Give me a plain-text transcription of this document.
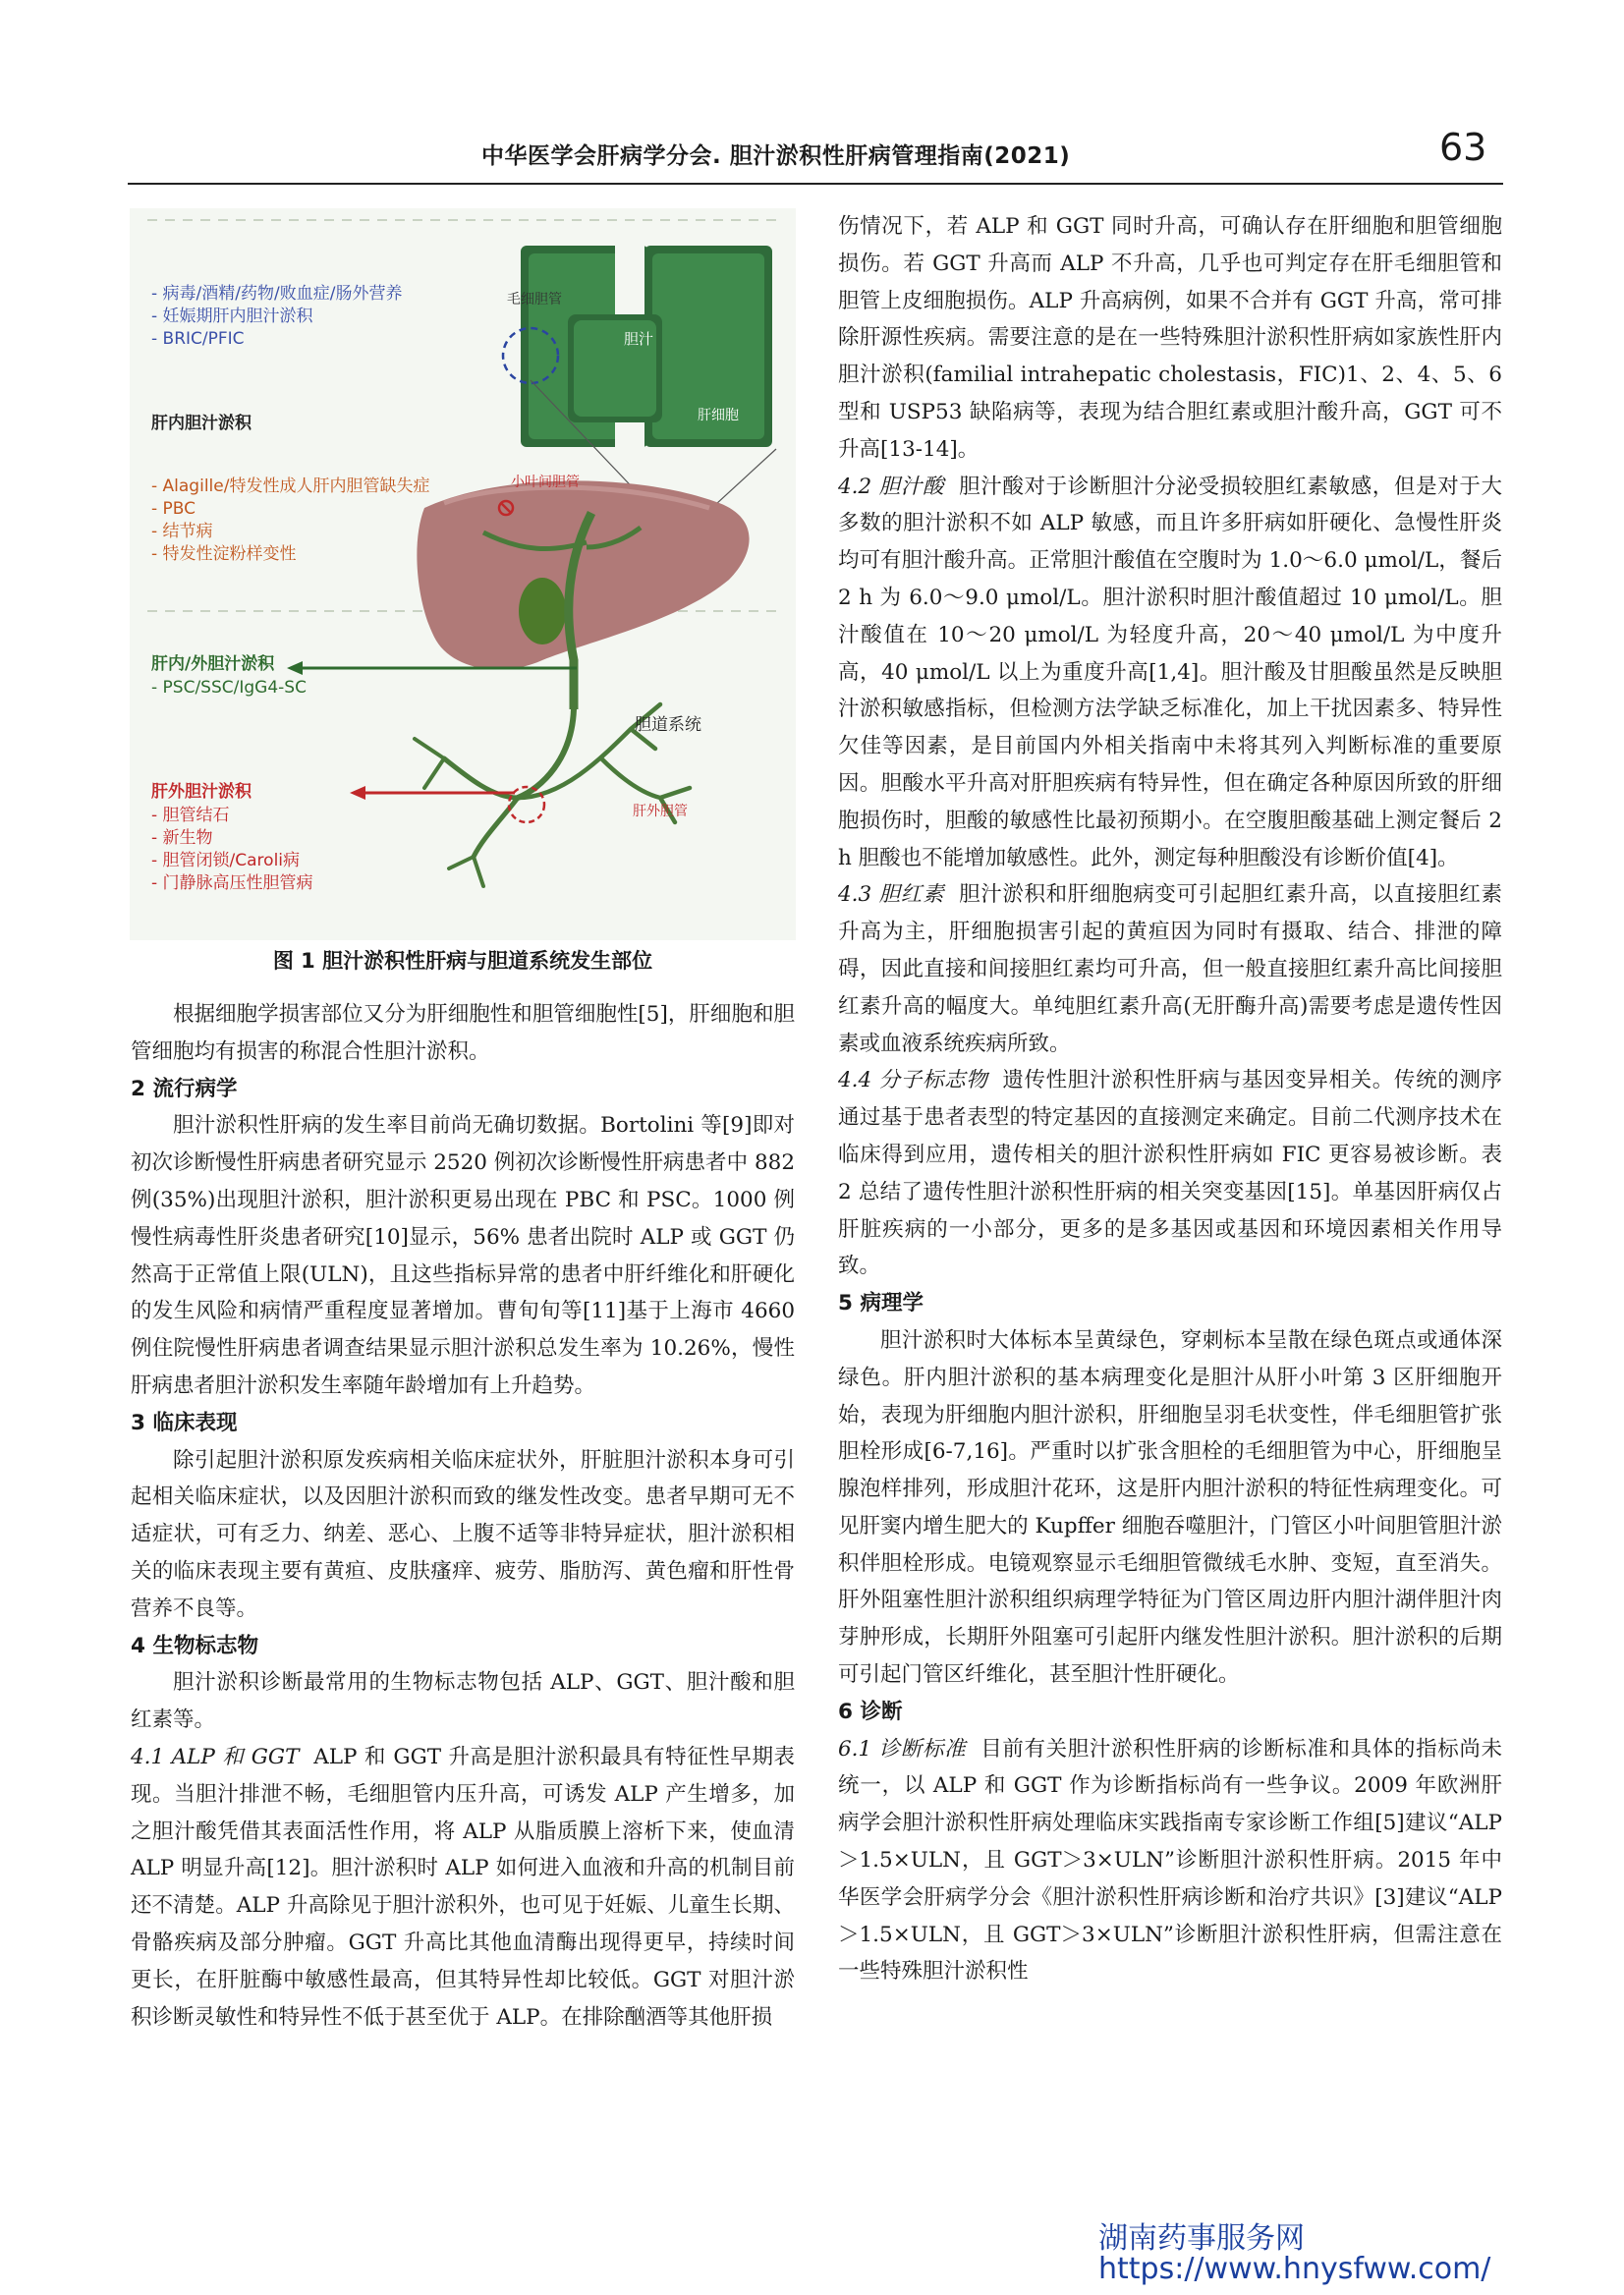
中华医学会肝病学分会. 胆汁淤积性肝病管理指南(2021)	63
- 病毒/酒精/药物/败血症/肠外营养
- 妊娠期肝内胆汁淤积
- BRIC/PFIC
肝内胆汁淤积
- Alagille/特发性成人肝内胆管缺失症
- PBC
- 结节病
- 特发性淀粉样变性
肝内/外胆汁淤积
- PSC/SSC/IgG4-SC
肝外胆汁淤积
- 胆管结石
- 新生物
- 胆管闭锁/Caroli病
- 门静脉高压性胆管病
毛细胆管
胆汁
肝细胞
小叶间胆管
胆道系统
肝外胆管
图 1 胆汁淤积性肝病与胆道系统发生部位

根据细胞学损害部位又分为肝细胞性和胆管细胞性[5]，肝细胞和胆管细胞均有损害的称混合性胆汁淤积。

2 流行病学

胆汁淤积性肝病的发生率目前尚无确切数据。Bortolini 等[9]即对初次诊断慢性肝病患者研究显示 2520 例初次诊断慢性肝病患者中 882 例(35%)出现胆汁淤积，胆汁淤积更易出现在 PBC 和 PSC。1000 例慢性病毒性肝炎患者研究[10]显示，56% 患者出院时 ALP 或 GGT 仍然高于正常值上限(ULN)，且这些指标异常的患者中肝纤维化和肝硬化的发生风险和病情严重程度显著增加。曹旬旬等[11]基于上海市 4660 例住院慢性肝病患者调查结果显示胆汁淤积总发生率为 10.26%，慢性肝病患者胆汁淤积发生率随年龄增加有上升趋势。

3 临床表现

除引起胆汁淤积原发疾病相关临床症状外，肝脏胆汁淤积本身可引起相关临床症状，以及因胆汁淤积而致的继发性改变。患者早期可无不适症状，可有乏力、纳差、恶心、上腹不适等非特异症状，胆汁淤积相关的临床表现主要有黄疸、皮肤瘙痒、疲劳、脂肪泻、黄色瘤和肝性骨营养不良等。

4 生物标志物

胆汁淤积诊断最常用的生物标志物包括 ALP、GGT、胆汁酸和胆红素等。

4.1 ALP 和 GGT ALP 和 GGT 升高是胆汁淤积最具有特征性早期表现。当胆汁排泄不畅，毛细胆管内压升高，可诱发 ALP 产生增多，加之胆汁酸凭借其表面活性作用，将 ALP 从脂质膜上溶析下来，使血清 ALP 明显升高[12]。胆汁淤积时 ALP 如何进入血液和升高的机制目前还不清楚。ALP 升高除见于胆汁淤积外，也可见于妊娠、儿童生长期、骨骼疾病及部分肿瘤。GGT 升高比其他血清酶出现得更早，持续时间更长，在肝脏酶中敏感性最高，但其特异性却比较低。GGT 对胆汁淤积诊断灵敏性和特异性不低于甚至优于 ALP。在排除酗酒等其他肝损

伤情况下，若 ALP 和 GGT 同时升高，可确认存在肝细胞和胆管细胞损伤。若 GGT 升高而 ALP 不升高，几乎也可判定存在肝毛细胆管和胆管上皮细胞损伤。ALP 升高病例，如果不合并有 GGT 升高，常可排除肝源性疾病。需要注意的是在一些特殊胆汁淤积性肝病如家族性肝内胆汁淤积(familial intrahepatic cholestasis，FIC)1、2、4、5、6 型和 USP53 缺陷病等，表现为结合胆红素或胆汁酸升高，GGT 可不升高[13-14]。

4.2 胆汁酸 胆汁酸对于诊断胆汁分泌受损较胆红素敏感，但是对于大多数的胆汁淤积不如 ALP 敏感，而且许多肝病如肝硬化、急慢性肝炎均可有胆汁酸升高。正常胆汁酸值在空腹时为 1.0～6.0 μmol/L，餐后 2 h 为 6.0～9.0 μmol/L。胆汁淤积时胆汁酸值超过 10 μmol/L。胆汁酸值在 10～20 μmol/L 为轻度升高，20～40 μmol/L 为中度升高，40 μmol/L 以上为重度升高[1,4]。胆汁酸及甘胆酸虽然是反映胆汁淤积敏感指标，但检测方法学缺乏标准化，加上干扰因素多、特异性欠佳等因素，是目前国内外相关指南中未将其列入判断标准的重要原因。胆酸水平升高对肝胆疾病有特异性，但在确定各种原因所致的肝细胞损伤时，胆酸的敏感性比最初预期小。在空腹胆酸基础上测定餐后 2 h 胆酸也不能增加敏感性。此外，测定每种胆酸没有诊断价值[4]。

4.3 胆红素 胆汁淤积和肝细胞病变可引起胆红素升高，以直接胆红素升高为主，肝细胞损害引起的黄疸因为同时有摄取、结合、排泄的障碍，因此直接和间接胆红素均可升高，但一般直接胆红素升高比间接胆红素升高的幅度大。单纯胆红素升高(无肝酶升高)需要考虑是遗传性因素或血液系统疾病所致。

4.4 分子标志物 遗传性胆汁淤积性肝病与基因变异相关。传统的测序通过基于患者表型的特定基因的直接测定来确定。目前二代测序技术在临床得到应用，遗传相关的胆汁淤积性肝病如 FIC 更容易被诊断。表 2 总结了遗传性胆汁淤积性肝病的相关突变基因[15]。单基因肝病仅占肝脏疾病的一小部分，更多的是多基因或基因和环境因素相关作用导致。

5 病理学

胆汁淤积时大体标本呈黄绿色，穿刺标本呈散在绿色斑点或通体深绿色。肝内胆汁淤积的基本病理变化是胆汁从肝小叶第 3 区肝细胞开始，表现为肝细胞内胆汁淤积，肝细胞呈羽毛状变性，伴毛细胆管扩张胆栓形成[6-7,16]。严重时以扩张含胆栓的毛细胆管为中心，肝细胞呈腺泡样排列，形成胆汁花环，这是肝内胆汁淤积的特征性病理变化。可见肝窦内增生肥大的 Kupffer 细胞吞噬胆汁，门管区小叶间胆管胆汁淤积伴胆栓形成。电镜观察显示毛细胆管微绒毛水肿、变短，直至消失。肝外阻塞性胆汁淤积组织病理学特征为门管区周边肝内胆汁湖伴胆汁肉芽肿形成，长期肝外阻塞可引起肝内继发性胆汁淤积。胆汁淤积的后期可引起门管区纤维化，甚至胆汁性肝硬化。

6 诊断

6.1 诊断标准 目前有关胆汁淤积性肝病的诊断标准和具体的指标尚未统一，以 ALP 和 GGT 作为诊断指标尚有一些争议。2009 年欧洲肝病学会胆汁淤积性肝病处理临床实践指南专家诊断工作组[5]建议“ALP＞1.5×ULN，且 GGT＞3×ULN”诊断胆汁淤积性肝病。2015 年中华医学会肝病学分会《胆汁淤积性肝病诊断和治疗共识》[3]建议“ALP＞1.5×ULN，且 GGT＞3×ULN”诊断胆汁淤积性肝病，但需注意在一些特殊胆汁淤积性

湖南药事服务网
https://www.hnysfww.com/
